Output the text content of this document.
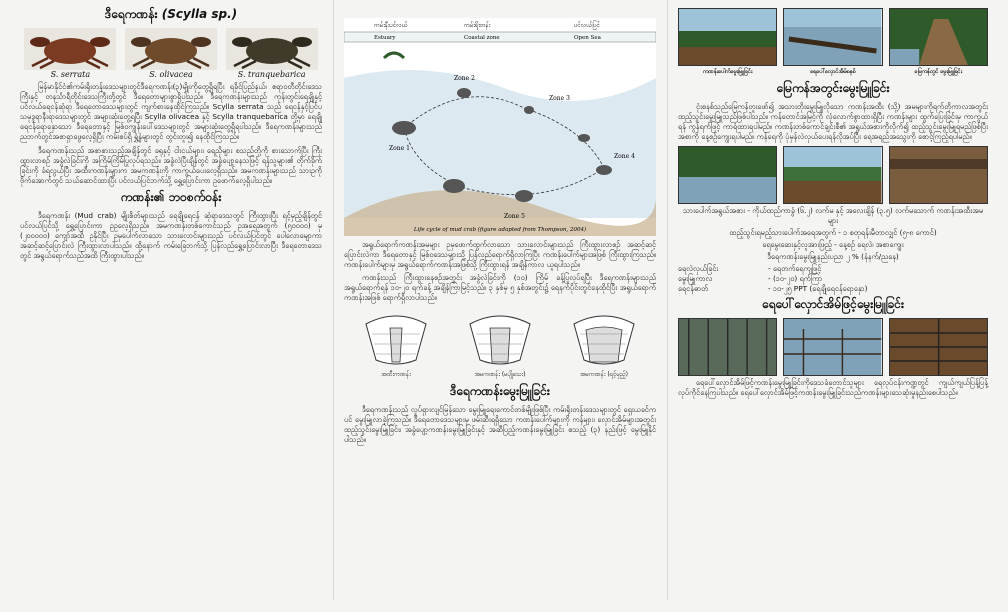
ဒီရေကဏန်း (Scylla sp.)
S. serrata	S. olivacea	S. tranquebarica

မြန်မာနိုင်ငံ၏ကမ်းရိုးတန်းဒေသများတွင်ဒီရေကဏန်း(၃)မျိုးကိုတွေ့ရှိရပြီး ရခိုင်ပြည်နယ်၊ ဧရာဝတီတိုင်းဒေသကြီးနှင့် တနင်္သာရီတိုင်းဒေသကြီးတို့တွင် ဒီရေတောများစွာရှိပါသည်။ ဒီရေကဏန်းများသည် ကုန်းတွင်းရေချိုနှင့် ပင်လယ်ရေငန်ဆုံရာ ဒီရေတောဒေသများတွင် ကျက်စားနေထိုင်ကြသည်။ Scylla serrata သည် ရေငန်နှင့်ပြင်ပ သမုဒ္ဒရာနီးရာဒေသများတွင် အများဆုံးတွေ့ရပြီး Scylla olivacea နှင့် Scylla tranquebarica တို့မှာ ရေချိုရေငန်ရောနှောသော ဒီရေတောနှင့် မြစ်ဝကျွန်းပေါ်ဒေသများတွင် အများဆုံးတွေ့ရှိရပါသည်။ ဒီရေကဏန်းများသည် ညဘက်တွင်အစာရှာဖွေလေ့ရှိပြီး ကမ်းစပ်ရှိ ရွှံ့နွံများတွင် တွင်းတူး၍ နေထိုင်ကြသည်။

ဒီရေကဏန်းသည် အစာစားသည့်အချိန်တွင် ခရုနှင့် ငါးငယ်များ၊ ရေညှိများ စသည်တို့ကို စားသောက်ပြီး ကြီးထွားလာစဉ် အခွံလဲခြင်းကို အကြိမ်ကြိမ်ပြုလုပ်ရသည်။ အခွံလဲပြီးချိန်တွင် အခွံပျော့နေသဖြင့် ရန်သူများ၏ တိုက်ခိုက်ခြင်းကို ခံရလွယ်ပြီး အထီးကဏန်းများက အမကဏန်းကို ကာကွယ်ပေးလေ့ရှိသည်။ အမကဏန်းများသည် သားဥကို ဗိုက်အောက်တွင် သယ်ဆောင်ထားပြီး ပင်လယ်ပြင်ဘက်သို့ ရွှေ့ပြောင်းကာ ဥဖောက်လေ့ရှိပါသည်။

ကဏန်း၏ ဘဝစက်ဝန်း

ဒီရေကဏန်း (Mud crab) မျိုးစိတ်များသည် ရေချိုရေငန် ဆုံရာဒေသတွင် ကြီးထွားပြီး ရင့်မှည့်ချိန်တွင် ပင်လယ်ပြင်သို့ ရွှေ့ပြောင်းကာ ဥဥလေ့ရှိသည်။ အမကဏန်းတစ်ကောင်သည် ဥအရေအတွက် (၅၀၀၀၀) မှ (၂၀၀၀၀၀) ကျော်အထိ ဥနိုင်ပြီး ဥမှပေါက်လာသော သားလောင်းများသည် ပင်လယ်ပြင်တွင် ပေါလောမျောကာ အဆင့်ဆင့်ပြောင်းလဲ ကြီးထွားလာပါသည်။ ထို့နောက် ကမ်းခြေဘက်သို့ ပြန်လည်ရွှေ့ပြောင်းလာပြီး ဒီရေတောဒေသတွင် အရွယ်ရောက်သည်အထိ ကြီးထွားပါသည်။

ကမ်းနီးပင်လယ်	ကမ်းရိုးတန်း	ပင်လယ်ပြင်
Estuary	Coastal zone	Open Sea
Zone 1
Zone 2
Zone 3
Zone 4
Zone 5
Life cycle of mud crab (figure adapted from Thompson, 2004)

အရွယ်ရောက်ကဏန်းအမများ ဥမှဖောက်ထွက်လာသော သားလောင်းများသည် ကြီးထွားလာစဉ် အဆင့်ဆင့် ပြောင်းလဲကာ ဒီရေတောနှင့် မြစ်ဝဒေသများသို့ ပြန်လည်ရောက်ရှိလာကြပြီး ကဏန်းပေါက်များအဖြစ် ကြီးထွားကြသည်။ ကဏန်းပေါက်များမှ အရွယ်ရောက်ကဏန်းအဖြစ်သို့ ကြီးထွားရန် အချိန်ကာလ ယူရပါသည်။

ကဏန်းသည် ကြီးထွားနေစဉ်အတွင်း အခွံလဲခြင်းကို (၁၀) ကြိမ် ခန့်ပြုလုပ်ရပြီး ဒီရေကဏန်းများသည် အရွယ်ရောက်ရန် ၁၀-၂၀ ရက်ခန့် အချိန်ကြာမြင့်သည်။ ၃ နှစ်မှ ၅ နှစ်အတွင်း၌ ရေနက်ပိုင်းတွင်နေထိုင်ပြီး အရွယ်ရောက်ကဏန်းအဖြစ် ရောက်ရှိလာပါသည်။

အထီးကဏန်း	အမကဏန်း (မပျိုသေး)	အမကဏန်း (ရင့်မှည့်)
ဒီရေကဏန်းမွေးမြူခြင်း

ဒီရေကဏန်းသည် လှုပ်ရှားလျင်မြန်သော မွေးမြူရေးကောင်တစ်မျိုးဖြစ်ပြီး ကမ်းရိုးတန်းဒေသများတွင် ရှေးယခင်ကပင် မွေးမြူလာခဲ့ကြသည်။ ဒီရေတောဒေသများမှ ဖမ်းဆီးရရှိသော ကဏန်းပေါက်များကို ကန်များ၊ လှောင်အိမ်များအတွင်း ထည့်သွင်းမွေးမြူခြင်း၊ အခွံပျော့ကဏန်းမွေးမြူခြင်းနှင့် အဆီပြည့်ကဏန်းမွေးမြူခြင်း စသည့် (၃) နည်းဖြင့် မွေးမြူနိုင်ပါသည်။

ကဏန်းပေါက်မွေးမြူခြင်း	ရေပေါ်လှောင်အိမ်စနစ်	မြေကန်တွင် မွေးမြူခြင်း
မြေကန်အတွင်းမွေးမြူခြင်း

ငုံးစနစ်သည်မြေကန်တူးဖော်၍ အသားတိုးမွေးမြူလိုသော ကဏန်းအထီး (သို့) အမများကိုရက်တိုကာလအတွင်း ထည့်သွင်းမွေးမြူသည်ဖြစ်ပါသည်။ ကန်တောင်အမြင့်ကို လုံလောက်စွာထားရှိပြီး ကဏန်းများ ထွက်ပြေးခြင်းမှ ကာကွယ်ရန် ကွန်ရက်ဖြင့် ကာရံထားရပါမည်။ ကဏန်းတစ်ကောင်ချင်းစီ၏ အရွယ်အစားကိုလိုက်၍ ထည့်သွင်းမွေးမြူရမည်ဖြစ်ပြီး အစာကို နေ့စဉ်ကျွေးရပါမည်။ ကန်ရေကို ပုံမှန်လဲလှယ်ပေးရန်လိုအပ်ပြီး ရေအရည်အသွေးကို စောင့်ကြည့်ရပါမည်။

သားပေါက်အရွယ်အစား - ကိုယ်ထည်ကာခွံ (၆.၂) လက်မ နှင့် အလေးချိန် (၃.၅) လက်မသောက် ကဏန်းအထီးအမများ

ထည့်သွင်းရမည့်သားပေါက်အရေအတွက် - ၁ စတုရန်းမီတာလျှင် (၅-၈ ကောင်)

ရေမွေးဆေးနှင့်လူအားဖြည့် - နေ့စဉ် ရေလဲ၊ အစာကျွေး

ဒီရေကဏန်းမွေးမြူနည်းပညာ ၂ % (နံနက်/ညနေ)

ရေလဲလှယ်ခြင်း	- ရေတက်ရေကျဖြင့်
မွေးမြူကာလ	- (၁၀-၂၀) ရက်ကြာ
ရေငန်ဓာတ်	- ၁၀-၂၅ PPT (ရေချိုရေငန်ရောနှော)
ရေပေါ်လှောင်အိမ်ဖြင့်မွေးမြူခြင်း

ရေပေါ်လှောင်အိမ်ဖြင့်ကဏန်းမွေးမြူခြင်းကိုဒေသခံတောင်သူများ ရေလုပ်ငန်းကဏ္ဍတွင် ကျယ်ကျယ်ပြန့်ပြန့်လုပ်ကိုင်နေကြပါသည်။ ရေပေါ်လှောင်အိမ်ဖြင့်ကဏန်းမွေးမြူခြင်းသည်ကဏန်းများသေဆုံးမှုနည်းစေပါသည်။
